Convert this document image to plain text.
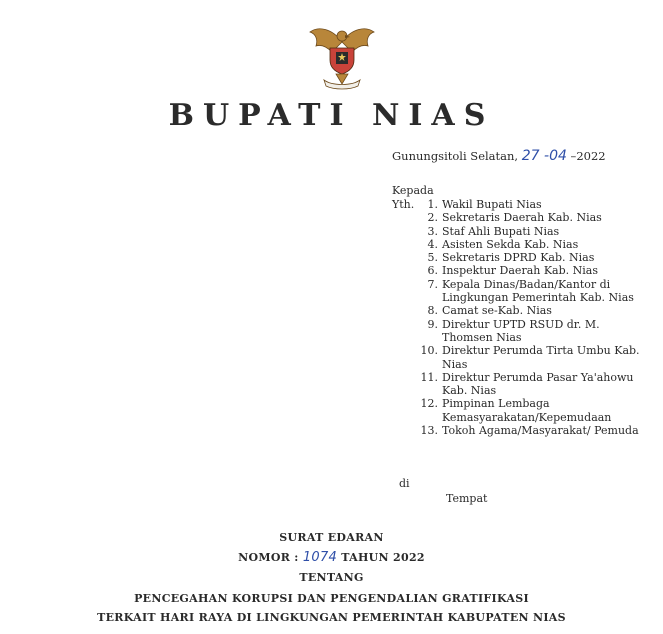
BUPATI NIAS
Gunungsitoli Selatan, 27 -04 –2022
Kepada
Yth.	1. Wakil Bupati Nias
2. Sekretaris Daerah Kab. Nias
3. Staf Ahli Bupati Nias
4. Asisten Sekda Kab. Nias
5. Sekretaris DPRD Kab. Nias
6. Inspektur Daerah Kab. Nias
7. Kepala Dinas/Badan/Kantor di Lingkungan Pemerintah Kab. Nias
8. Camat se-Kab. Nias
9. Direktur UPTD RSUD dr. M. Thomsen Nias
10. Direktur Perumda Tirta Umbu Kab. Nias
11. Direktur Perumda Pasar Ya'ahowu Kab. Nias
12. Pimpinan Lembaga Kemasyarakatan/Kepemudaan
13. Tokoh Agama/Masyarakat/ Pemuda
di
Tempat
SURAT EDARAN
NOMOR : 1074 TAHUN 2022
TENTANG
PENCEGAHAN KORUPSI DAN PENGENDALIAN GRATIFIKASI
TERKAIT HARI RAYA DI LINGKUNGAN PEMERINTAH KABUPATEN NIAS
